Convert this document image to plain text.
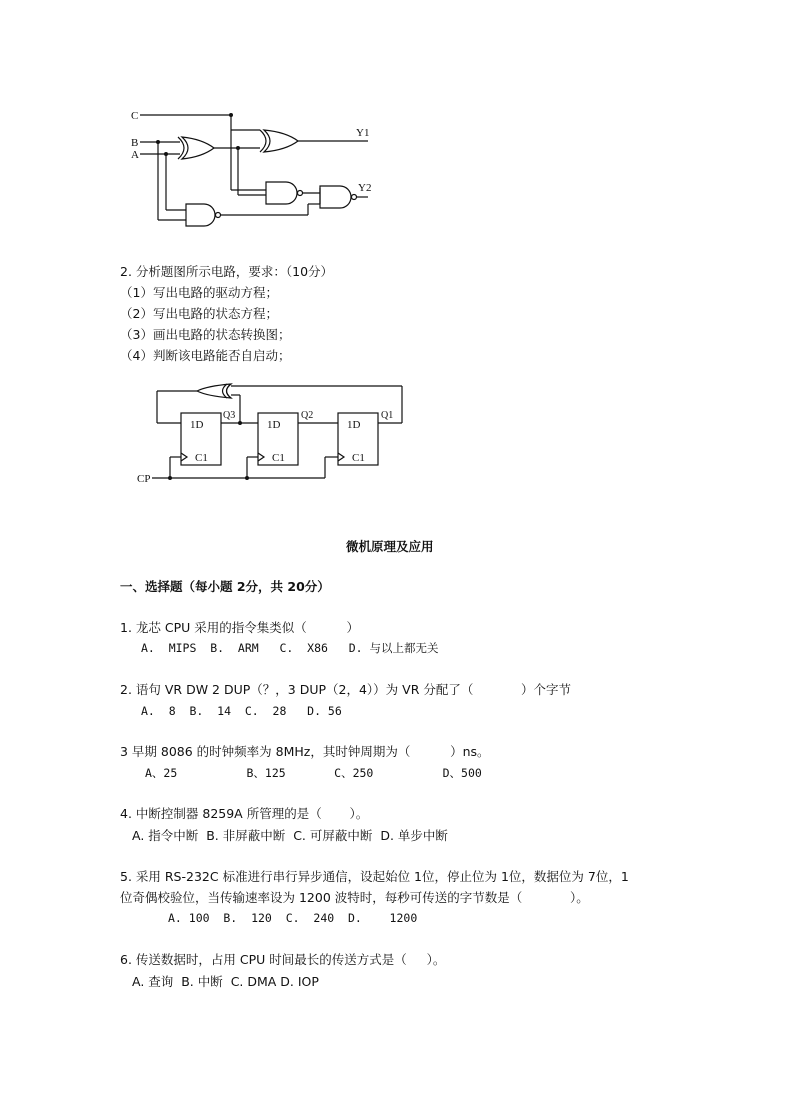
C
B
A
Y1
Y2
2. 分析题图所示电路，要求：（10分）
（1）写出电路的驱动方程；
（2）写出电路的状态方程；
（3）画出电路的状态转换图；
（4）判断该电路能否自启动；
1D
C1
1D
C1
1D
C1
Q3	Q2	Q1
CP
微机原理及应用
一、选择题（每小题 2分，共 20分）
1. 龙芯 CPU 采用的指令集类似（          ）
A.  MIPS  B.  ARM   C.  X86   D. 与以上都无关
2. 语句 VR DW 2 DUP（？，3 DUP（2，4））为 VR 分配了（            ）个字节
A.  8  B.  14  C.  28   D. 56
3 早期 8086 的时钟频率为 8MHz，其时钟周期为（          ）ns。
A、25          B、125       C、250          D、500
4. 中断控制器 8259A 所管理的是（       ）。
A. 指令中断  B. 非屏蔽中断  C. 可屏蔽中断  D. 单步中断
5. 采用 RS-232C 标准进行串行异步通信，设起始位 1位，停止位为 1位，数据位为 7位，1
位奇偶校验位，当传输速率设为 1200 波特时，每秒可传送的字节数是（            ）。
A. 100  B.  120  C.  240  D.    1200
6. 传送数据时，占用 CPU 时间最长的传送方式是（     ）。
A. 查询  B. 中断  C. DMA D. IOP
